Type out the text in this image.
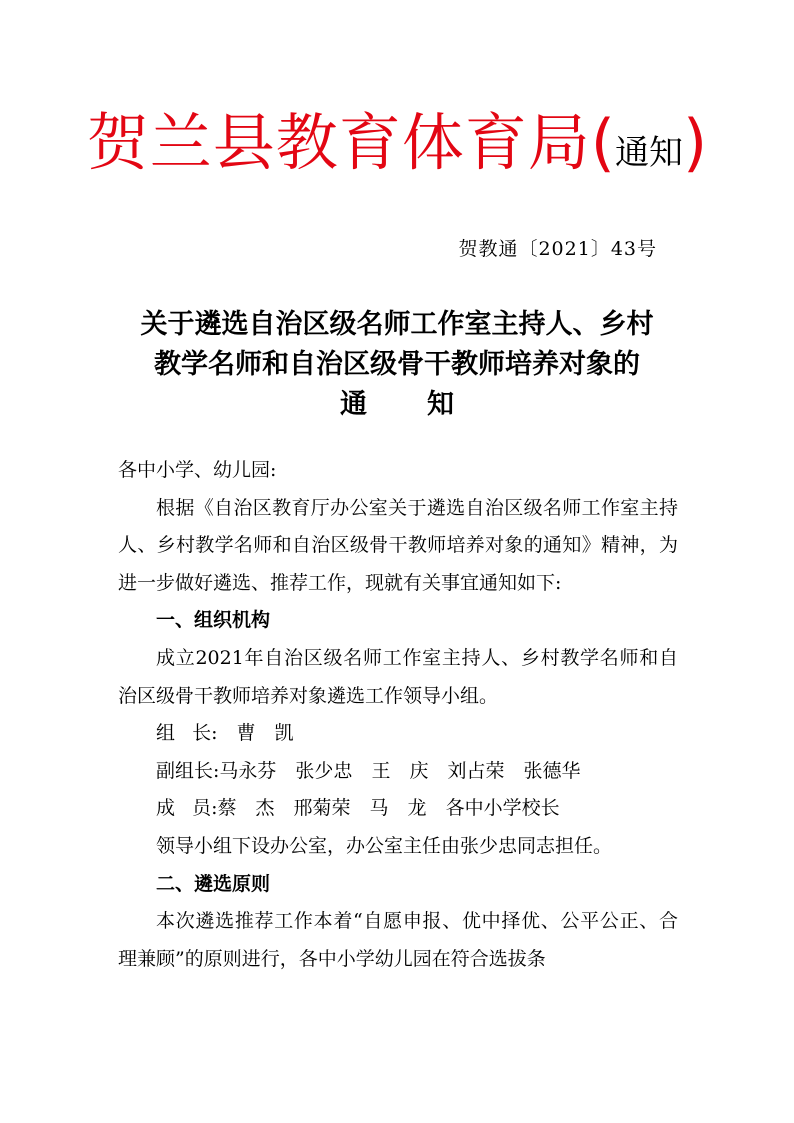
贺兰县教育体育局(通知)
贺教通〔2021〕43号
关于遴选自治区级名师工作室主持人、乡村
教学名师和自治区级骨干教师培养对象的
通知

各中小学、幼儿园:

根据《自治区教育厅办公室关于遴选自治区级名师工作室主持人、乡村教学名师和自治区级骨干教师培养对象的通知》精神，为进一步做好遴选、推荐工作，现就有关事宜通知如下:

一、组织机构

成立2021年自治区级名师工作室主持人、乡村教学名师和自治区级骨干教师培养对象遴选工作领导小组。

组 长: 曹 凯

副组长:马永芬 张少忠 王　庆 刘占荣 张德华

成 员:蔡　杰 邢菊荣 马　龙 各中小学校长

领导小组下设办公室，办公室主任由张少忠同志担任。

二、遴选原则

本次遴选推荐工作本着“自愿申报、优中择优、公平公正、合理兼顾”的原则进行，各中小学幼儿园在符合选拔条
